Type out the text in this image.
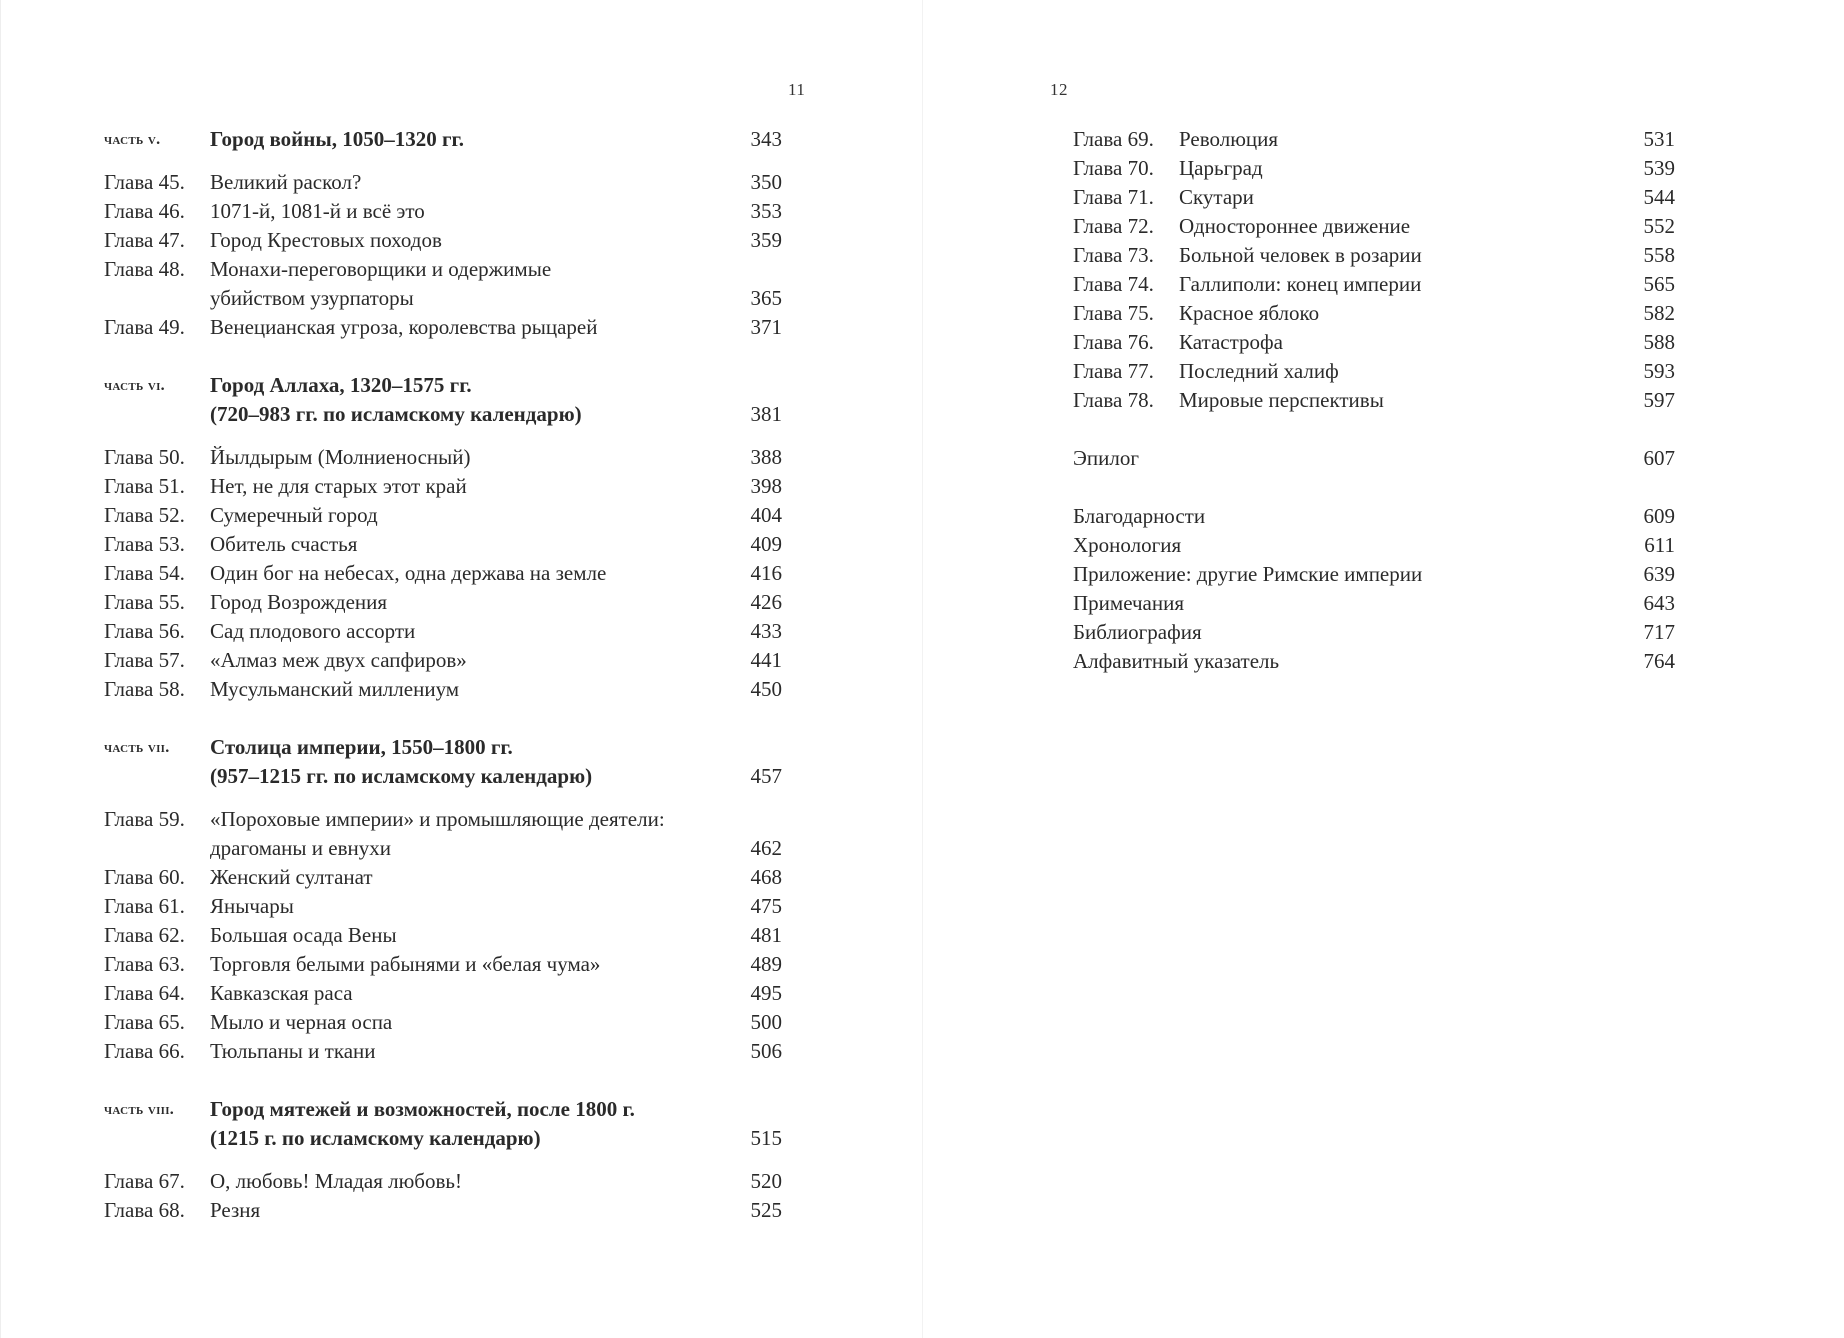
11
часть v.	Город войны, 1050–1320 гг.	343
Глава 45.	Великий раскол?	350
Глава 46.	1071-й, 1081-й и всё это	353
Глава 47.	Город Крестовых походов	359
Глава 48.	Монахи-переговорщики и одержимые
убийством узурпаторы	365
Глава 49.	Венецианская угроза, королевства рыцарей	371
часть vi.	Город Аллаха, 1320–1575 гг.
(720–983 гг. по исламскому календарю)	381
Глава 50.	Йылдырым (Молниеносный)	388
Глава 51.	Нет, не для старых этот край	398
Глава 52.	Сумеречный город	404
Глава 53.	Обитель счастья	409
Глава 54.	Один бог на небесах, одна держава на земле	416
Глава 55.	Город Возрождения	426
Глава 56.	Сад плодового ассорти	433
Глава 57.	«Алмаз меж двух сапфиров»	441
Глава 58.	Мусульманский миллениум	450
часть vii.	Столица империи, 1550–1800 гг.
(957–1215 гг. по исламскому календарю)	457
Глава 59.	«Пороховые империи» и промышляющие деятели:
драгоманы и евнухи	462
Глава 60.	Женский султанат	468
Глава 61.	Янычары	475
Глава 62.	Большая осада Вены	481
Глава 63.	Торговля белыми рабынями и «белая чума»	489
Глава 64.	Кавказская раса	495
Глава 65.	Мыло и черная оспа	500
Глава 66.	Тюльпаны и ткани	506
часть viii.	Город мятежей и возможностей, после 1800 г.
(1215 г. по исламскому календарю)	515
Глава 67.	О, любовь! Младая любовь!	520
Глава 68.	Резня	525
12
Глава 69.	Революция	531
Глава 70.	Царьград	539
Глава 71.	Скутари	544
Глава 72.	Одностороннее движение	552
Глава 73.	Больной человек в розарии	558
Глава 74.	Галлиполи: конец империи	565
Глава 75.	Красное яблоко	582
Глава 76.	Катастрофа	588
Глава 77.	Последний халиф	593
Глава 78.	Мировые перспективы	597
Эпилог	607
Благодарности	609
Хронология	611
Приложение: другие Римские империи	639
Примечания	643
Библиография	717
Алфавитный указатель	764
